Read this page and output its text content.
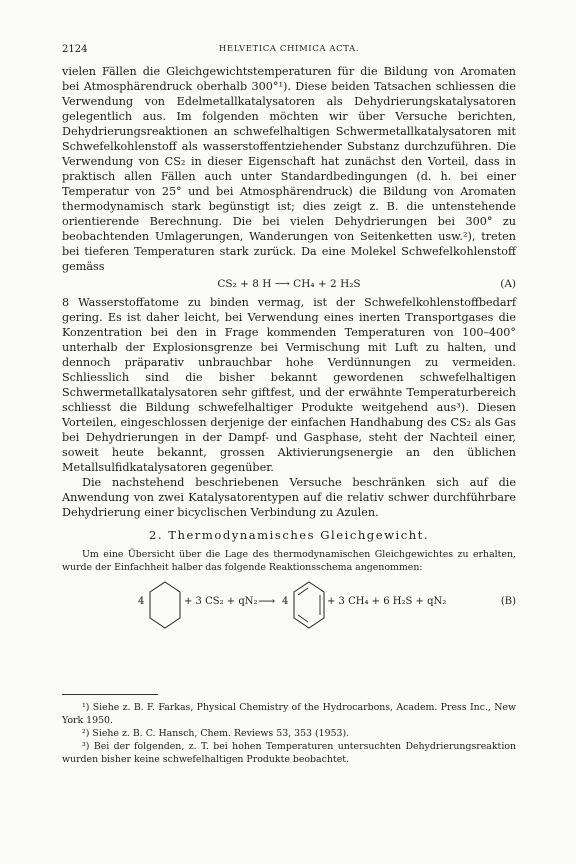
2124	HELVETICA CHIMICA ACTA.

vielen Fällen die Gleichgewichtstemperaturen für die Bildung von Aromaten bei Atmosphärendruck oberhalb 300°¹). Diese beiden Tatsachen schliessen die Verwendung von Edelmetallkatalysatoren als Dehydrierungskatalysatoren gelegentlich aus. Im folgenden möchten wir über Versuche berichten, Dehydrierungsreaktionen an schwefelhaltigen Schwermetallkatalysatoren mit Schwefelkohlenstoff als wasserstoffentziehender Substanz durchzuführen. Die Verwendung von CS₂ in dieser Eigenschaft hat zunächst den Vorteil, dass in praktisch allen Fällen auch unter Standardbedingungen (d. h. bei einer Temperatur von 25° und bei Atmosphärendruck) die Bildung von Aromaten thermodynamisch stark begünstigt ist; dies zeigt z. B. die untenstehende orientierende Berechnung. Die bei vielen Dehydrierungen bei 300° zu beobachtenden Umlagerungen, Wanderungen von Seitenketten usw.²), treten bei tieferen Temperaturen stark zurück. Da eine Molekel Schwefelkohlenstoff gemäss

CS₂ + 8 H ⟶ CH₄ + 2 H₂S	(A)

8 Wasserstoffatome zu binden vermag, ist der Schwefelkohlenstoffbedarf gering. Es ist daher leicht, bei Verwendung eines inerten Transportgases die Konzentration bei den in Frage kommenden Temperaturen von 100–400° unterhalb der Explosionsgrenze bei Vermischung mit Luft zu halten, und dennoch präparativ unbrauchbar hohe Verdünnungen zu vermeiden. Schliesslich sind die bisher bekannt gewordenen schwefelhaltigen Schwermetallkatalysatoren sehr giftfest, und der erwähnte Temperaturbereich schliesst die Bildung schwefelhaltiger Produkte weitgehend aus³). Diesen Vorteilen, eingeschlossen derjenige der einfachen Handhabung des CS₂ als Gas bei Dehydrierungen in der Dampf- und Gasphase, steht der Nachteil einer, soweit heute bekannt, grossen Aktivierungsenergie an den üblichen Metallsulfidkatalysatoren gegenüber.

Die nachstehend beschriebenen Versuche beschränken sich auf die Anwendung von zwei Katalysatorentypen auf die relativ schwer durchführbare Dehydrierung einer bicyclischen Verbindung zu Azulen.

2. Thermodynamisches Gleichgewicht.

Um eine Übersicht über die Lage des thermodynamischen Gleichgewichtes zu erhalten, wurde der Einfachheit halber das folgende Reaktionsschema angenommen:

4	+ 3 CS₂ + qN₂ ⟶ 4	+ 3 CH₄ + 6 H₂S + qN₂	(B)

¹) Siehe z. B. F. Farkas, Physical Chemistry of the Hydrocarbons, Academ. Press Inc., New York 1950.

²) Siehe z. B. C. Hansch, Chem. Reviews 53, 353 (1953).

³) Bei der folgenden, z. T. bei hohen Temperaturen untersuchten Dehydrierungsreaktion wurden bisher keine schwefelhaltigen Produkte beobachtet.
